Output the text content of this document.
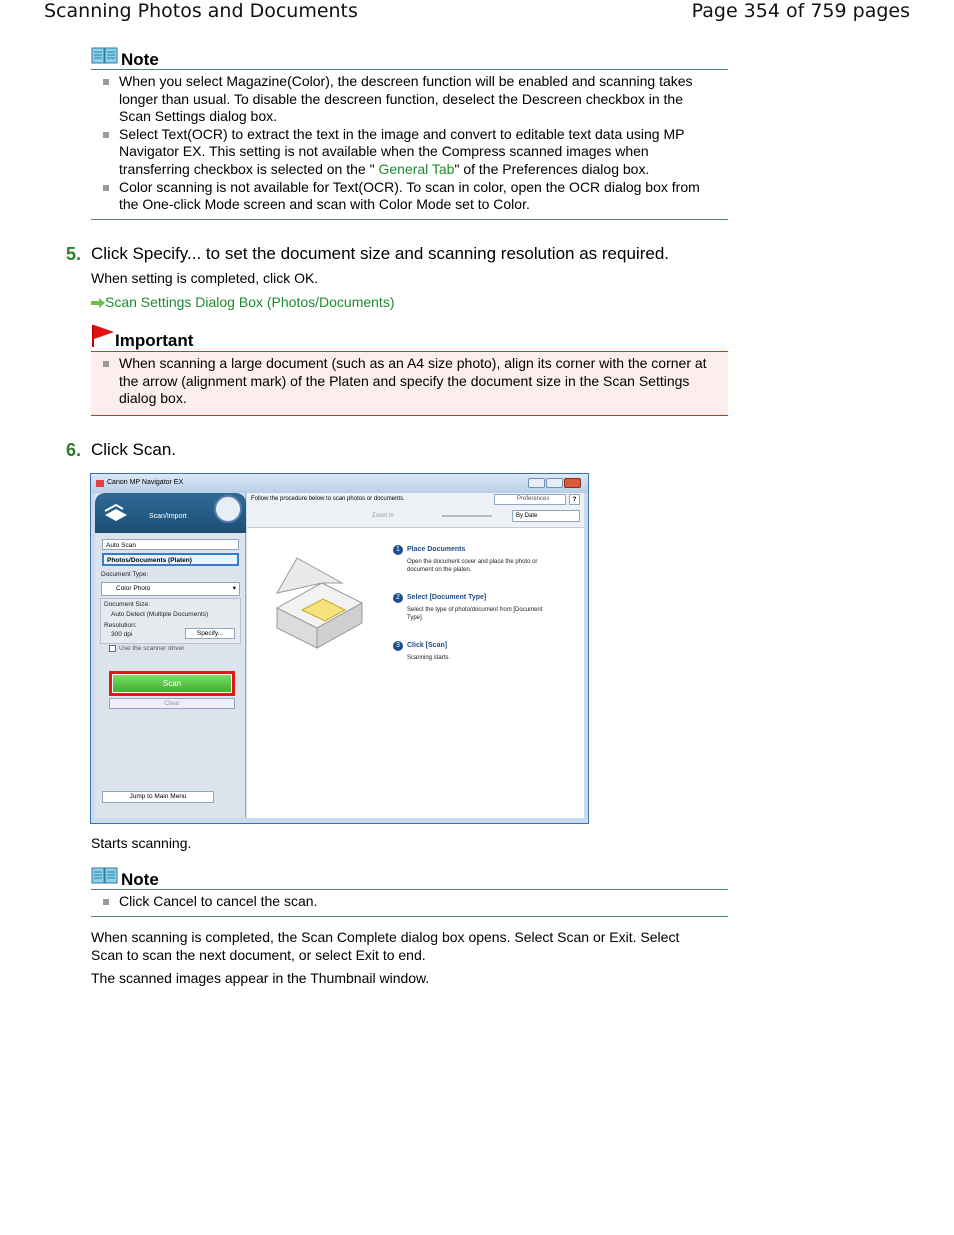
Scanning Photos and Documents	Page 354 of 759 pages
Note
When you select Magazine(Color), the descreen function will be enabled and scanning takes
longer than usual. To disable the descreen function, deselect the Descreen checkbox in the
Scan Settings dialog box.
Select Text(OCR) to extract the text in the image and convert to editable text data using MP
Navigator EX. This setting is not available when the Compress scanned images when
transferring checkbox is selected on the " General Tab" of the Preferences dialog box.
Color scanning is not available for Text(OCR). To scan in color, open the OCR dialog box from
the One-click Mode screen and scan with Color Mode set to Color.
5. Click Specify... to set the document size and scanning resolution as required.
When setting is completed, click OK.
Scan Settings Dialog Box (Photos/Documents)
Important
When scanning a large document (such as an A4 size photo), align its corner with the corner at
the arrow (alignment mark) of the Platen and specify the document size in the Scan Settings
dialog box.
6. Click Scan.
Canon MP Navigator EX
Scan/Import
Auto Scan
Photos/Documents (Platen)
Document Type:
Color Photo	▾
Document Size:
Auto Detect (Multiple Documents)
Resolution:
300 dpi	Specify...
Use the scanner driver
Scan
Clear
Jump to Main Menu
Follow the procedure below to scan photos or documents.	Preferences	?
Zoom in	By Date
1	Place Documents
Open the document cover and place the photo or document on the platen.
2	Select [Document Type]
Select the type of photo/document from [Document Type].
3	Click [Scan]
Scanning starts.
Starts scanning.
Note
Click Cancel to cancel the scan.
When scanning is completed, the Scan Complete dialog box opens. Select Scan or Exit. Select
Scan to scan the next document, or select Exit to end.
The scanned images appear in the Thumbnail window.
